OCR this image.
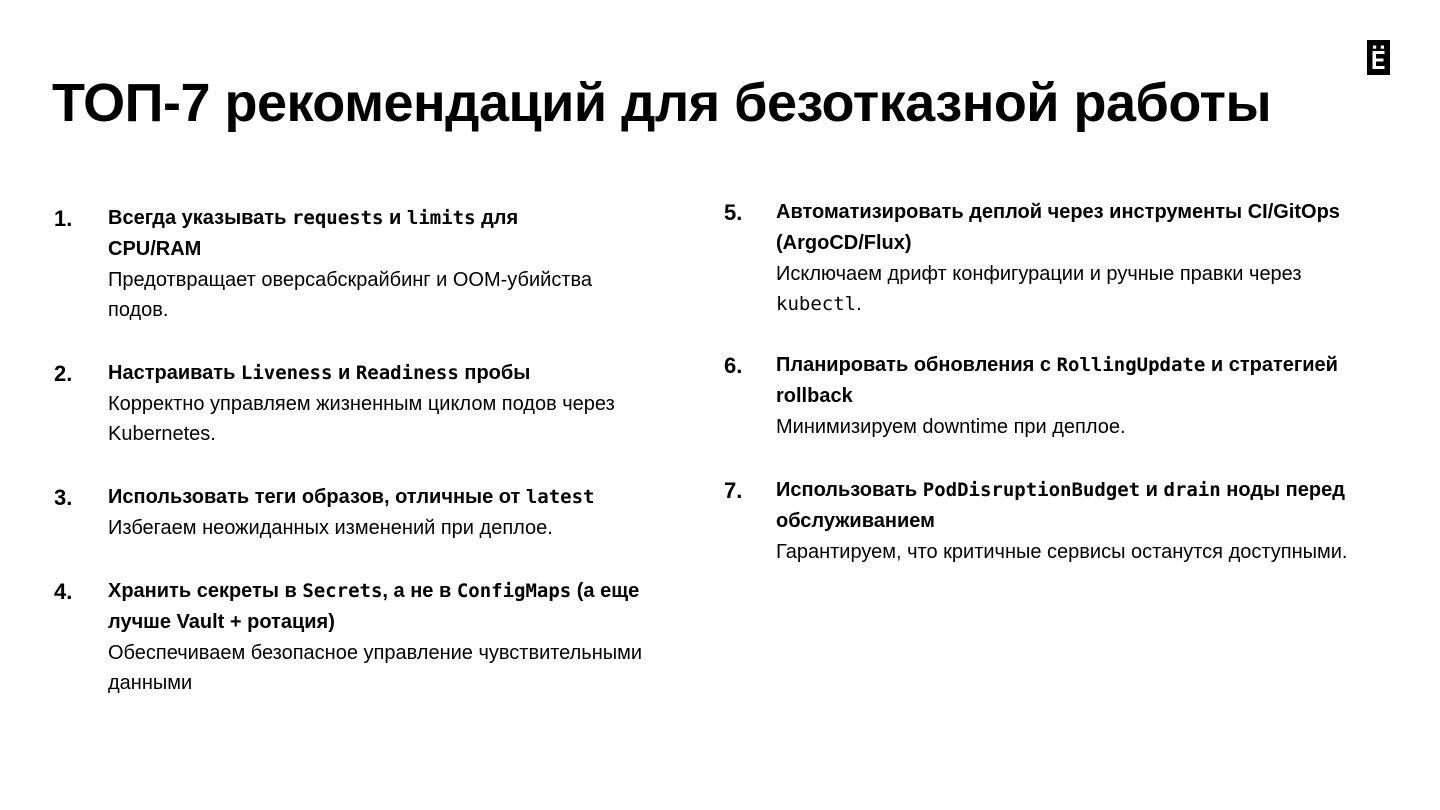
ТОП-7 рекомендаций для безотказной работы
1. Всегда указывать requests и limits для CPU/RAM

Предотвращает оверсабскрайбинг и OOM-убийства подов.

2. Настраивать Liveness и Readiness пробы

Корректно управляем жизненным циклом подов через Kubernetes.

3. Использовать теги образов, отличные от latest

Избегаем неожиданных изменений при деплое.

4. Хранить секреты в Secrets, а не в ConfigMaps (а еще лучше Vault + ротация)

Обеспечиваем безопасное управление чувствительными данными

5. Автоматизировать деплой через инструменты CI/GitOps (ArgoCD/Flux)

Исключаем дрифт конфигурации и ручные правки через kubectl.

6. Планировать обновления с RollingUpdate и стратегией rollback

Минимизируем downtime при деплое.

7. Использовать PodDisruptionBudget и drain ноды перед обслуживанием

Гарантируем, что критичные сервисы останутся доступными.
